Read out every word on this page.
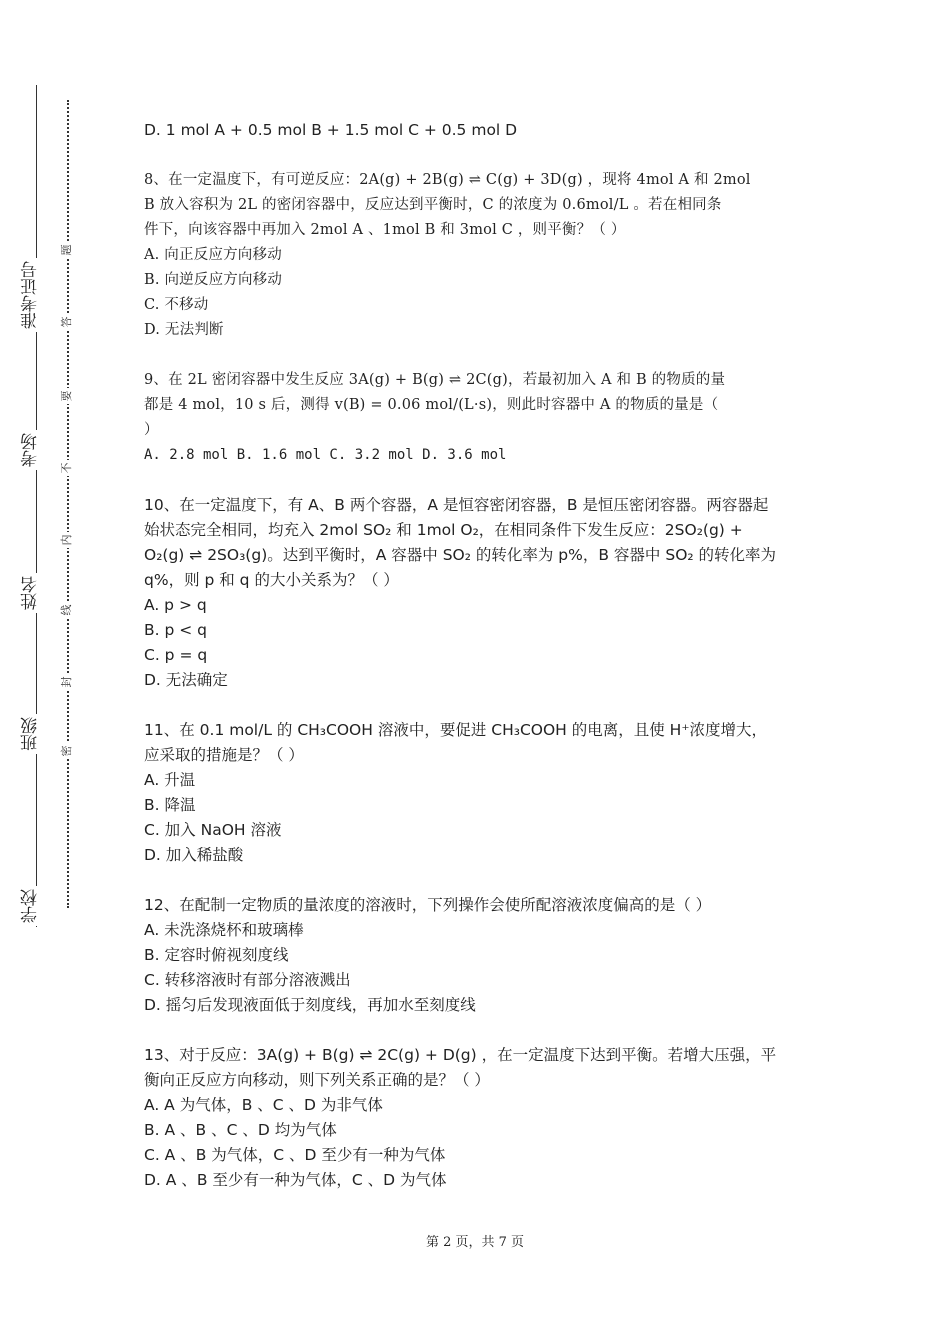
准考证号
考场
姓名
班级
学校
题
答
要
不
内
线
封
密

D. 1 mol A + 0.5 mol B + 1.5 mol C + 0.5 mol D

8、在一定温度下，有可逆反应：2A(g) + 2B(g) ⇌ C(g) + 3D(g) ，现将 4mol A 和 2mol

B 放入容积为 2L 的密闭容器中，反应达到平衡时，C 的浓度为 0.6mol/L 。若在相同条

件下，向该容器中再加入 2mol A 、1mol B 和 3mol C ，则平衡？（ ）

A. 向正反应方向移动

B. 向逆反应方向移动

C. 不移动

D. 无法判断

9、在 2L 密闭容器中发生反应 3A(g) + B(g) ⇌ 2C(g)，若最初加入 A 和 B 的物质的量

都是 4 mol，10 s 后，测得 v(B) = 0.06 mol/(L·s)，则此时容器中 A 的物质的量是（

）

A. 2.8 mol B. 1.6 mol C. 3.2 mol D. 3.6 mol

10、在一定温度下，有 A、B 两个容器，A 是恒容密闭容器，B 是恒压密闭容器。两容器起

始状态完全相同，均充入 2mol SO₂ 和 1mol O₂，在相同条件下发生反应：2SO₂(g) +

O₂(g) ⇌ 2SO₃(g)。达到平衡时，A 容器中 SO₂ 的转化率为 p%，B 容器中 SO₂ 的转化率为

q%，则 p 和 q 的大小关系为？（ ）

A. p > q

B. p < q

C. p = q

D. 无法确定

11、在 0.1 mol/L 的 CH₃COOH 溶液中，要促进 CH₃COOH 的电离，且使 H⁺浓度增大，

应采取的措施是？（ ）

A. 升温

B. 降温

C. 加入 NaOH 溶液

D. 加入稀盐酸

12、在配制一定物质的量浓度的溶液时，下列操作会使所配溶液浓度偏高的是（ ）

A. 未洗涤烧杯和玻璃棒

B. 定容时俯视刻度线

C. 转移溶液时有部分溶液溅出

D. 摇匀后发现液面低于刻度线，再加水至刻度线

13、对于反应：3A(g) + B(g) ⇌ 2C(g) + D(g) ，在一定温度下达到平衡。若增大压强，平

衡向正反应方向移动，则下列关系正确的是？（ ）

A. A 为气体，B 、C 、D 为非气体

B. A 、B 、C 、D 均为气体

C. A 、B 为气体，C 、D 至少有一种为气体

D. A 、B 至少有一种为气体，C 、D 为气体

第 2 页，共 7 页
